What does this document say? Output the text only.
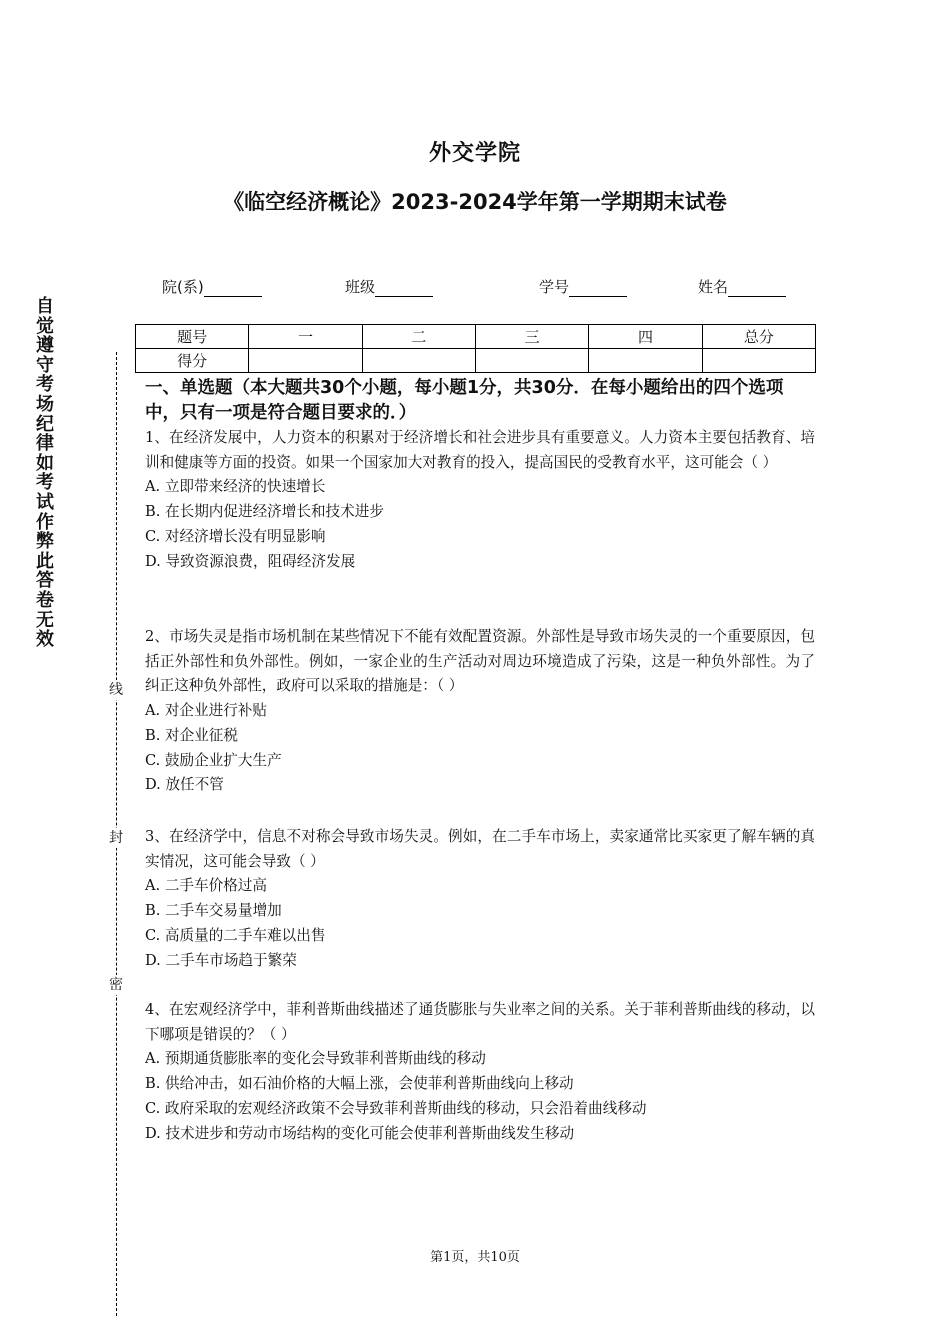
外交学院
《临空经济概论》2023-2024学年第一学期期末试卷
院(系)	班级	学号	姓名
题号	一	二	三	四	总分
得分					
自觉遵守考场纪律如考试作弊此答卷无效
线
封
密
一、单选题（本大题共30个小题，每小题1分，共30分．在每小题给出的四个选项中，只有一项是符合题目要求的．）

1、在经济发展中，人力资本的积累对于经济增长和社会进步具有重要意义。人力资本主要包括教育、培训和健康等方面的投资。如果一个国家加大对教育的投入，提高国民的受教育水平，这可能会（ ）

A. 立即带来经济的快速增长

B. 在长期内促进经济增长和技术进步

C. 对经济增长没有明显影响

D. 导致资源浪费，阻碍经济发展

2、市场失灵是指市场机制在某些情况下不能有效配置资源。外部性是导致市场失灵的一个重要原因，包括正外部性和负外部性。例如，一家企业的生产活动对周边环境造成了污染，这是一种负外部性。为了纠正这种负外部性，政府可以采取的措施是：（ ）

A. 对企业进行补贴

B. 对企业征税

C. 鼓励企业扩大生产

D. 放任不管

3、在经济学中，信息不对称会导致市场失灵。例如，在二手车市场上，卖家通常比买家更了解车辆的真实情况，这可能会导致（ ）

A. 二手车价格过高

B. 二手车交易量增加

C. 高质量的二手车难以出售

D. 二手车市场趋于繁荣

4、在宏观经济学中，菲利普斯曲线描述了通货膨胀与失业率之间的关系。关于菲利普斯曲线的移动，以下哪项是错误的？（ ）

A. 预期通货膨胀率的变化会导致菲利普斯曲线的移动

B. 供给冲击，如石油价格的大幅上涨，会使菲利普斯曲线向上移动

C. 政府采取的宏观经济政策不会导致菲利普斯曲线的移动，只会沿着曲线移动

D. 技术进步和劳动市场结构的变化可能会使菲利普斯曲线发生移动

第1页，共10页
